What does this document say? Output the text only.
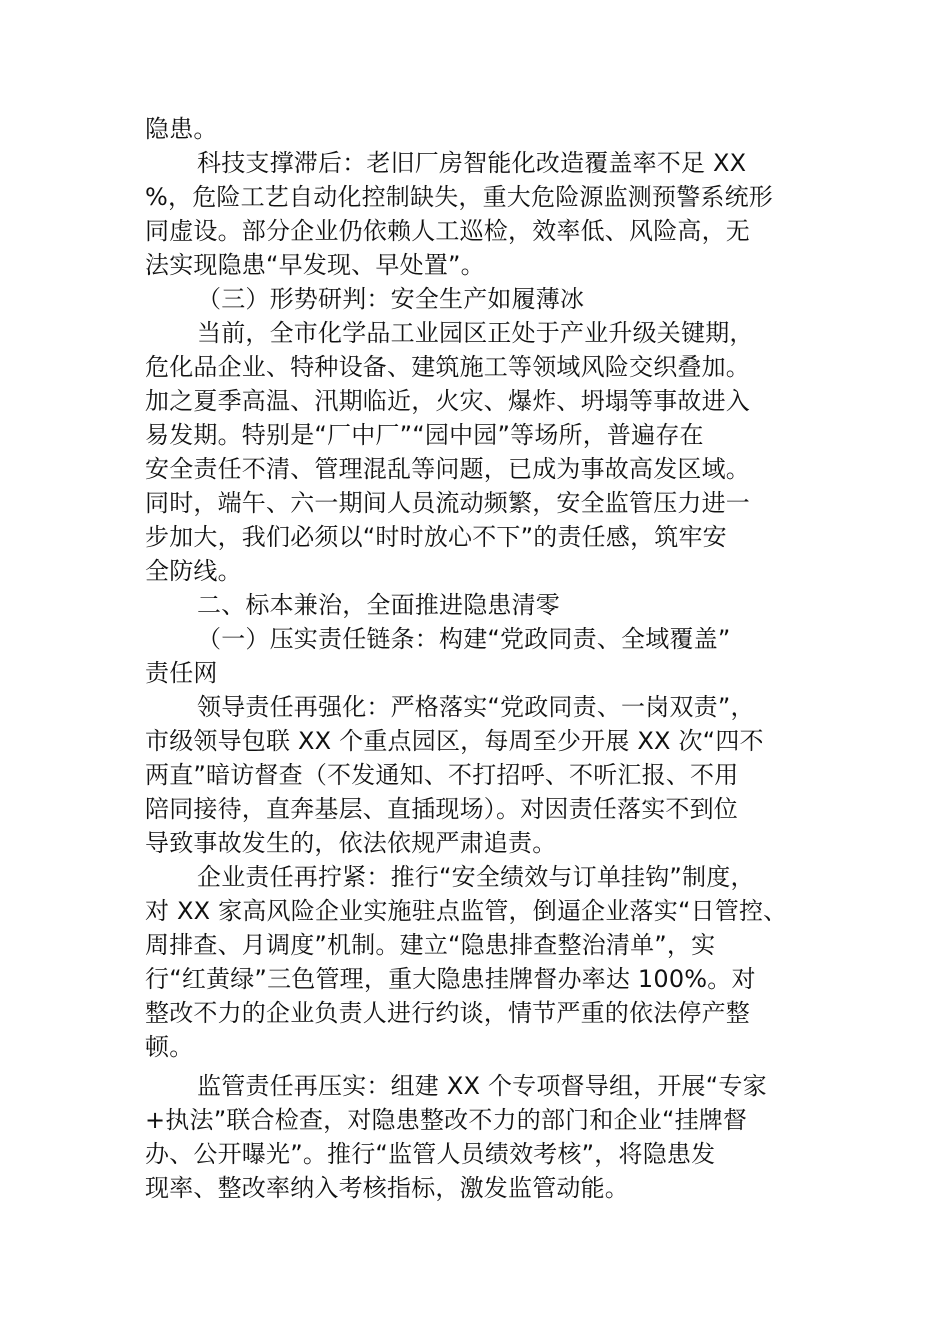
隐患。
科技支撑滞后：老旧厂房智能化改造覆盖率不足 XX
%，危险工艺自动化控制缺失，重大危险源监测预警系统形
同虚设。部分企业仍依赖人工巡检，效率低、风险高，无
法实现隐患“早发现、早处置”。
（三）形势研判：安全生产如履薄冰
当前，全市化学品工业园区正处于产业升级关键期，
危化品企业、特种设备、建筑施工等领域风险交织叠加。
加之夏季高温、汛期临近，火灾、爆炸、坍塌等事故进入
易发期。特别是“厂中厂”“园中园”等场所，普遍存在
安全责任不清、管理混乱等问题，已成为事故高发区域。
同时，端午、六一期间人员流动频繁，安全监管压力进一
步加大，我们必须以“时时放心不下”的责任感，筑牢安
全防线。
二、标本兼治，全面推进隐患清零
（一）压实责任链条：构建“党政同责、全域覆盖”
责任网
领导责任再强化：严格落实“党政同责、一岗双责”，
市级领导包联 XX 个重点园区，每周至少开展 XX 次“四不
两直”暗访督查（不发通知、不打招呼、不听汇报、不用
陪同接待，直奔基层、直插现场）。对因责任落实不到位
导致事故发生的，依法依规严肃追责。
企业责任再拧紧：推行“安全绩效与订单挂钩”制度，
对 XX 家高风险企业实施驻点监管，倒逼企业落实“日管控、
周排查、月调度”机制。建立“隐患排查整治清单”，实
行“红黄绿”三色管理，重大隐患挂牌督办率达 100%。对
整改不力的企业负责人进行约谈，情节严重的依法停产整
顿。
监管责任再压实：组建 XX 个专项督导组，开展“专家
+执法”联合检查，对隐患整改不力的部门和企业“挂牌督
办、公开曝光”。推行“监管人员绩效考核”，将隐患发
现率、整改率纳入考核指标，激发监管动能。
